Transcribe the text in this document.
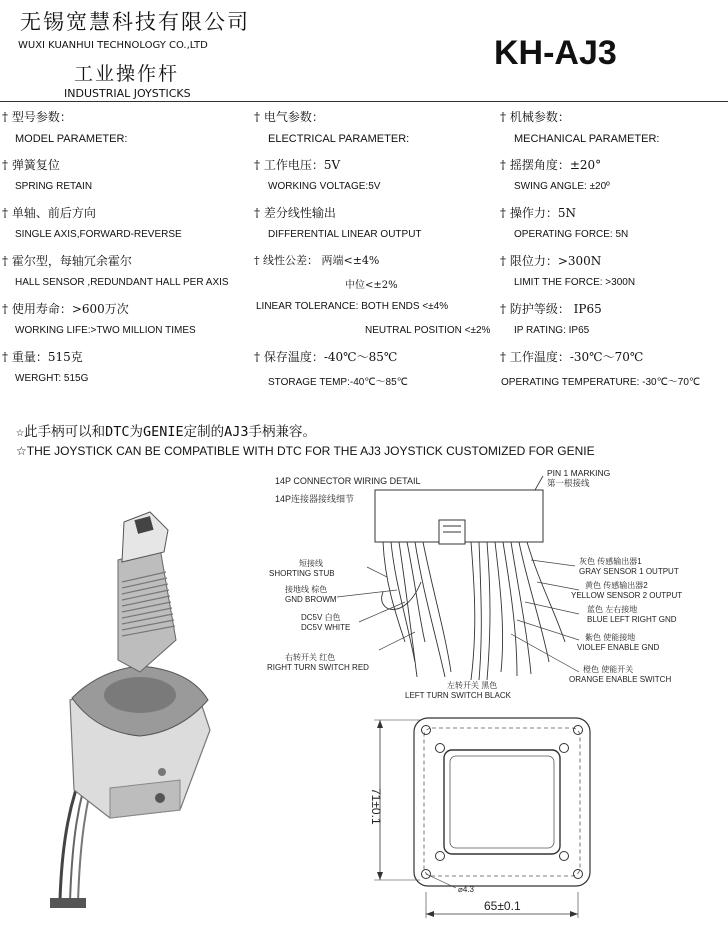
无锡宽慧科技有限公司
WUXI KUANHUI TECHNOLOGY CO.,LTD
工业操作杆
INDUSTRIAL JOYSTICKS
KH-AJ3
† 型号参数：
MODEL PARAMETER:
† 弹簧复位
SPRING RETAIN
† 单轴、前后方向
SINGLE AXIS,FORWARD-REVERSE
† 霍尔型，每轴冗余霍尔
HALL SENSOR ,REDUNDANT HALL PER AXIS
† 使用寿命：>600万次
WORKING LIFE:>TWO MILLION TIMES
† 重量：515克
WERGHT: 515G
† 电气参数：
ELECTRICAL PARAMETER:
† 工作电压：5V
WORKING VOLTAGE:5V
† 差分线性输出
DIFFERENTIAL LINEAR OUTPUT
† 线性公差： 两端<±4%
中位<±2%
LINEAR TOLERANCE: BOTH ENDS <±4%
NEUTRAL POSITION <±2%
† 保存温度：-40℃～85℃
STORAGE TEMP:-40℃～85℃
† 机械参数：
MECHANICAL PARAMETER:
† 摇摆角度：±20°
SWING ANGLE: ±20º
† 操作力：5N
OPERATING FORCE: 5N
† 限位力：>300N
LIMIT THE FORCE: >300N
† 防护等级： IP65
IP RATING: IP65
† 工作温度：-30℃～70℃
OPERATING TEMPERATURE: -30℃～70℃
☆此手柄可以和DTC为GENIE定制的AJ3手柄兼容。
☆THE JOYSTICK CAN BE COMPATIBLE WITH DTC FOR THE AJ3 JOYSTICK CUSTOMIZED FOR GENIE
14P CONNECTOR WIRING DETAIL
14P连接器接线细节
PIN 1 MARKING
第一根接线
短接线
SHORTING STUB
接地线 棕色
GND BROWM
DC5V 白色
DC5V WHITE
右转开关 红色
RIGHT TURN SWITCH RED
左转开关 黑色
LEFT TURN SWITCH BLACK
灰色 传感输出器1
GRAY SENSOR 1 OUTPUT
黄色 传感输出器2
YELLOW SENSOR 2 OUTPUT
蓝色 左右接地
BLUE LEFT RIGHT GND
紫色 使能接地
VIOLEF ENABLE GND
橙色 使能开关
ORANGE ENABLE SWITCH
71±0.1
⌀4.3
65±0.1
